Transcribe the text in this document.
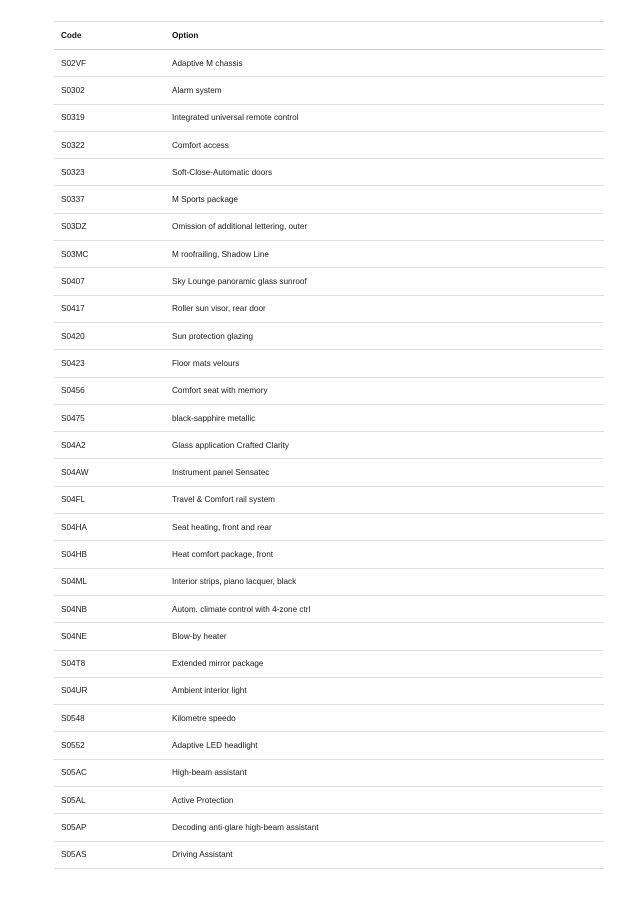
Code	Option
S02VF	Adaptive M chassis
S0302	Alarm system
S0319	Integrated universal remote control
S0322	Comfort access
S0323	Soft-Close-Automatic doors
S0337	M Sports package
S03DZ	Omission of additional lettering, outer
S03MC	M roofrailing, Shadow Line
S0407	Sky Lounge panoramic glass sunroof
S0417	Roller sun visor, rear door
S0420	Sun protection glazing
S0423	Floor mats velours
S0456	Comfort seat with memory
S0475	black-sapphire metallic
S04A2	Glass application Crafted Clarity
S04AW	Instrument panel Sensatec
S04FL	Travel & Comfort rail system
S04HA	Seat heating, front and rear
S04HB	Heat comfort package, front
S04ML	Interior strips, piano lacquer, black
S04NB	Autom. climate control with 4-zone ctrl
S04NE	Blow-by heater
S04T8	Extended mirror package
S04UR	Ambient interior light
S0548	Kilometre speedo
S0552	Adaptive LED headlight
S05AC	High-beam assistant
S05AL	Active Protection
S05AP	Decoding anti-glare high-beam assistant
S05AS	Driving Assistant
